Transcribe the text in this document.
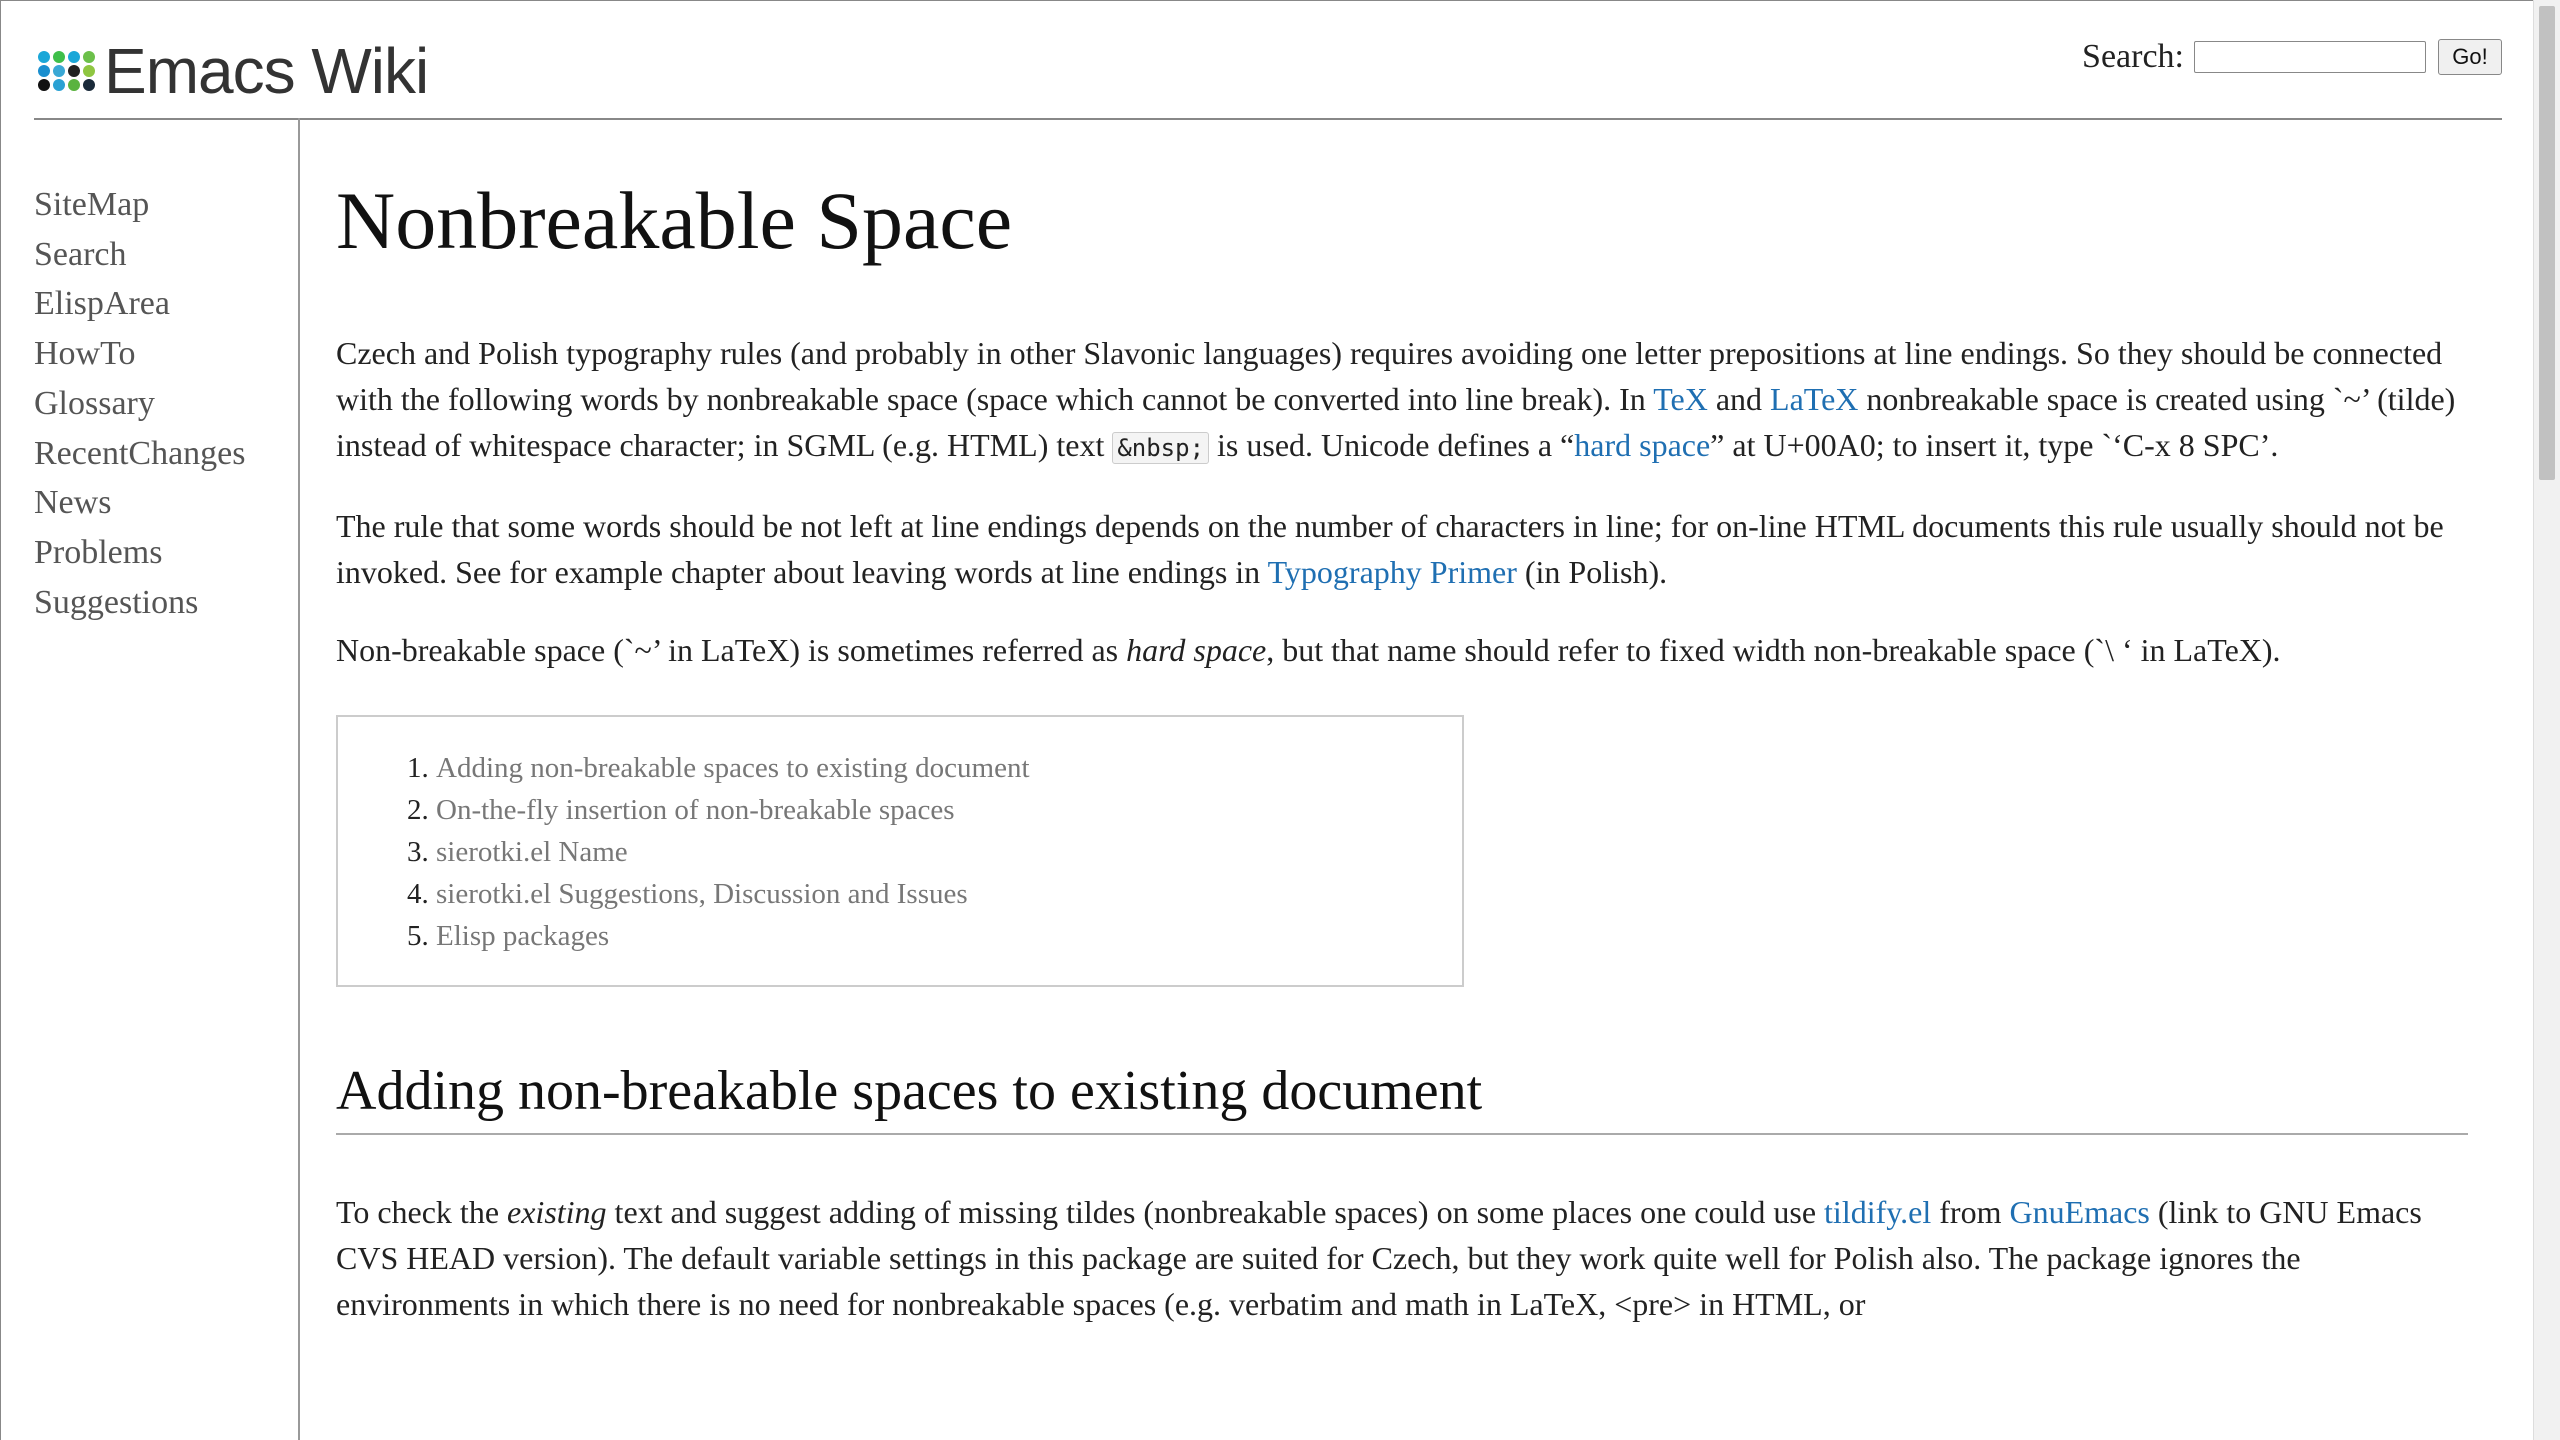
Emacs Wiki	Search:	Go!
SiteMap
Search
ElispArea
HowTo
Glossary
RecentChanges
News
Problems
Suggestions
Nonbreakable Space

Czech and Polish typography rules (and probably in other Slavonic languages) requires avoiding one letter prepositions at line endings. So they should be connected with the following words by nonbreakable space (space which cannot be converted into line break). In TeX and LaTeX nonbreakable space is created using `~’ (tilde) instead of whitespace character; in SGML (e.g. HTML) text &nbsp; is used. Unicode defines a “hard space” at U+00A0; to insert it, type `‘C-x 8 SPC’.

The rule that some words should be not left at line endings depends on the number of characters in line; for on-line HTML documents this rule usually should not be invoked. See for example chapter about leaving words at line endings in Typography Primer (in Polish).

Non-breakable space (`~’ in LaTeX) is sometimes referred as hard space, but that name should refer to fixed width non-breakable space (`\ ‘ in LaTeX).

1. Adding non-breakable spaces to existing document
2. On-the-fly insertion of non-breakable spaces
3. sierotki.el Name
4. sierotki.el Suggestions, Discussion and Issues
5. Elisp packages
Adding non-breakable spaces to existing document

To check the existing text and suggest adding of missing tildes (nonbreakable spaces) on some places one could use tildify.el from GnuEmacs (link to GNU Emacs CVS HEAD version). The default variable settings in this package are suited for Czech, but they work quite well for Polish also. The package ignores the environments in which there is no need for nonbreakable spaces (e.g. verbatim and math in LaTeX, <pre> in HTML, or
